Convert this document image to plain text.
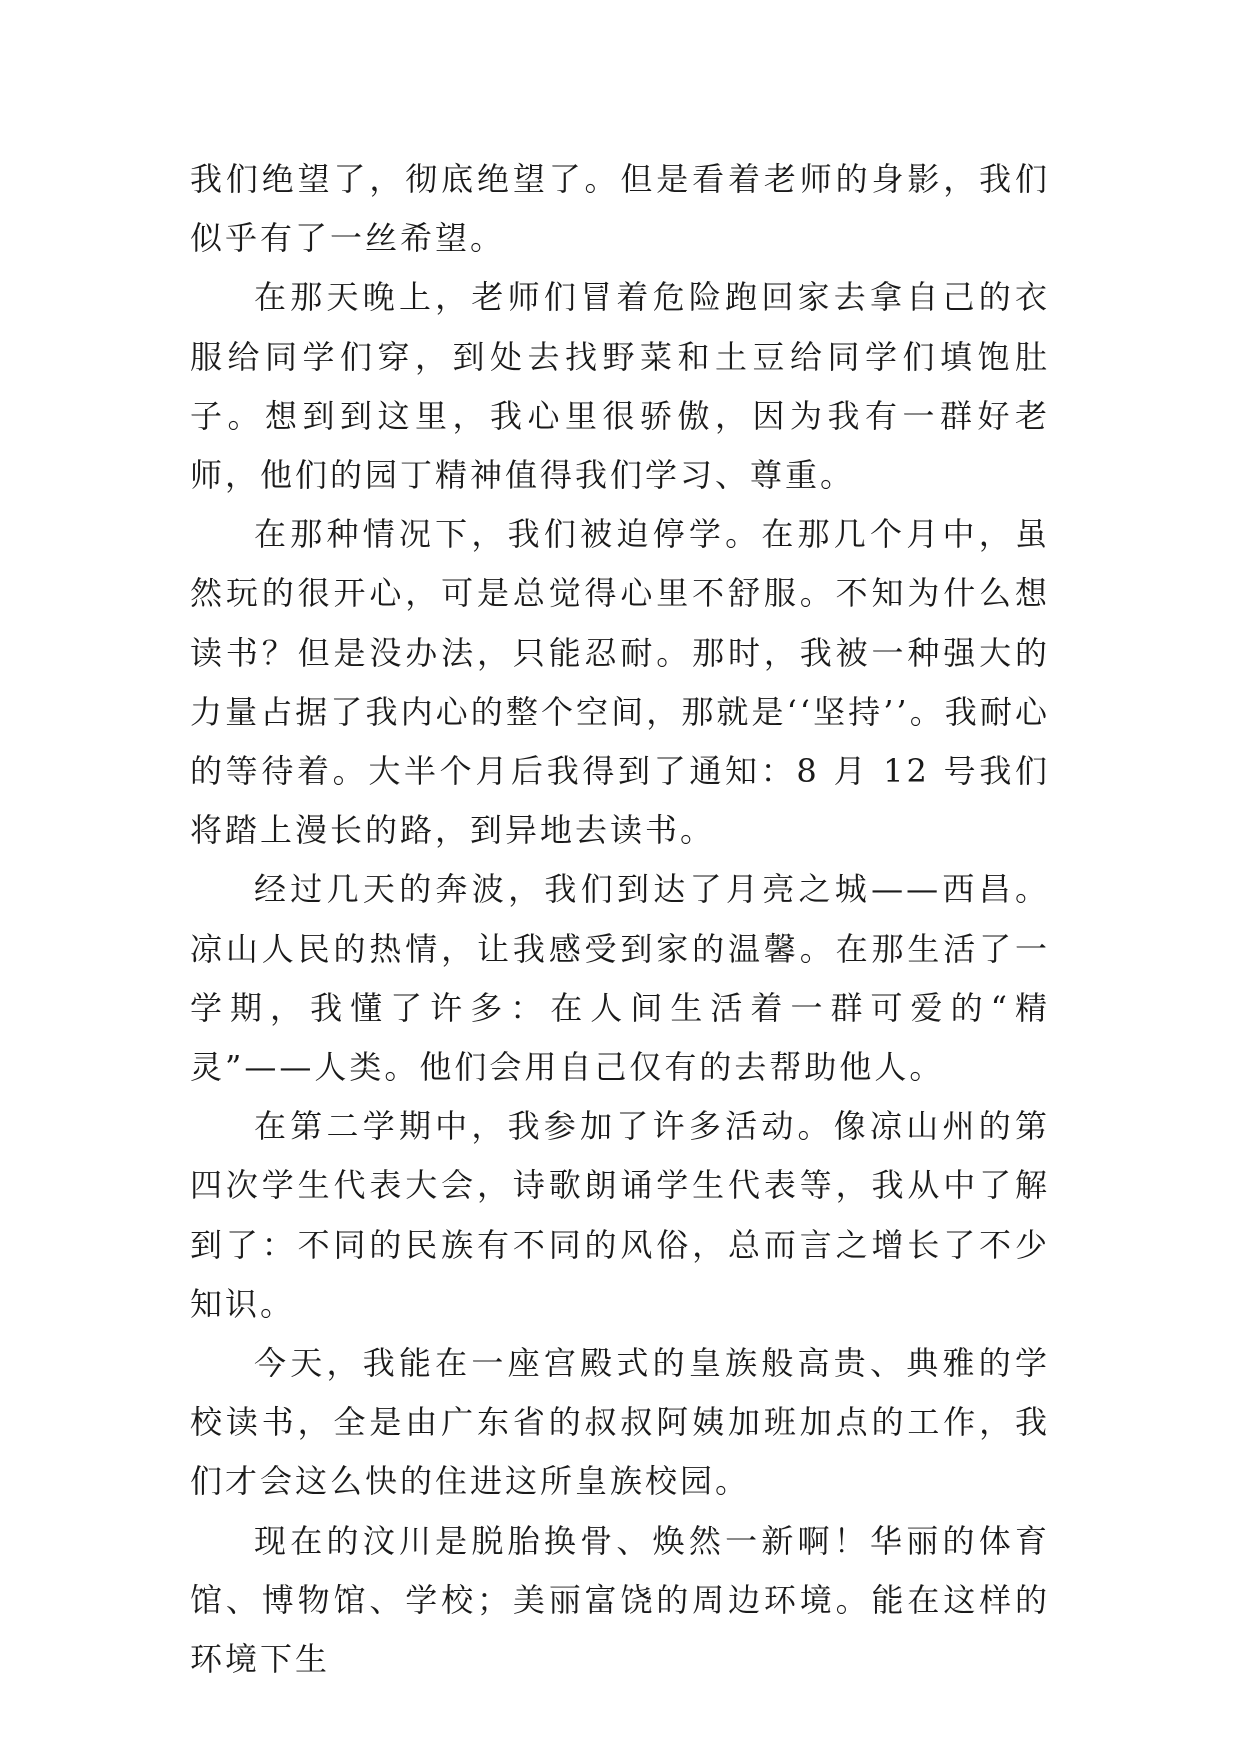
我们绝望了，彻底绝望了。但是看着老师的身影，我们似乎有了一丝希望。

在那天晚上，老师们冒着危险跑回家去拿自己的衣服给同学们穿，到处去找野菜和土豆给同学们填饱肚子。想到到这里，我心里很骄傲，因为我有一群好老师，他们的园丁精神值得我们学习、尊重。

在那种情况下，我们被迫停学。在那几个月中，虽然玩的很开心，可是总觉得心里不舒服。不知为什么想读书？但是没办法，只能忍耐。那时，我被一种强大的力量占据了我内心的整个空间，那就是‘‘坚持’’。我耐心的等待着。大半个月后我得到了通知：8 月 12 号我们将踏上漫长的路，到异地去读书。

经过几天的奔波，我们到达了月亮之城——西昌。凉山人民的热情，让我感受到家的温馨。在那生活了一学期，我懂了许多：在人间生活着一群可爱的“精灵”——人类。他们会用自己仅有的去帮助他人。

在第二学期中，我参加了许多活动。像凉山州的第四次学生代表大会，诗歌朗诵学生代表等，我从中了解到了：不同的民族有不同的风俗，总而言之增长了不少知识。

今天，我能在一座宫殿式的皇族般高贵、典雅的学校读书，全是由广东省的叔叔阿姨加班加点的工作，我们才会这么快的住进这所皇族校园。

现在的汶川是脱胎换骨、焕然一新啊！华丽的体育馆、博物馆、学校；美丽富饶的周边环境。能在这样的环境下生
